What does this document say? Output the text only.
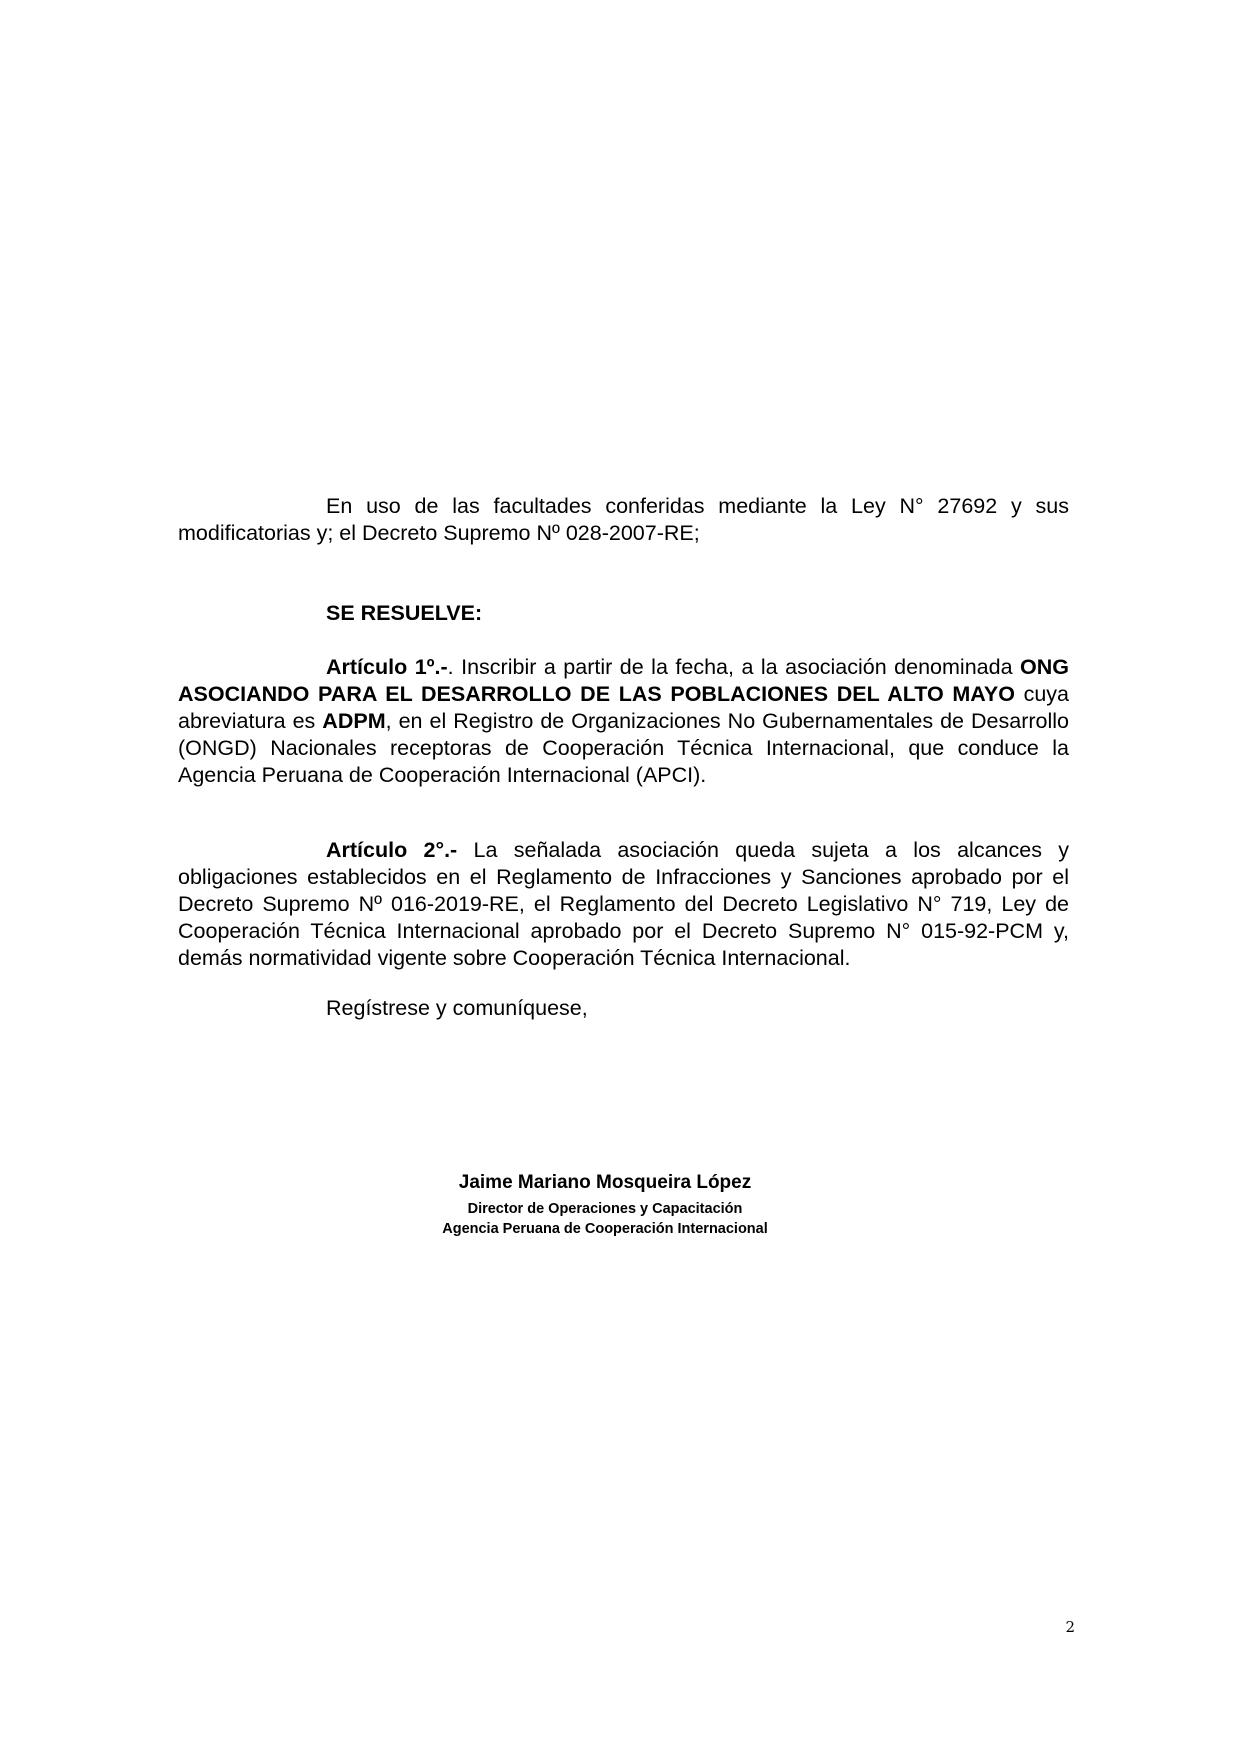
En uso de las facultades conferidas mediante la Ley N° 27692 y sus modificatorias y; el Decreto Supremo Nº 028-2007-RE;

SE RESUELVE:

Artículo 1º.-. Inscribir a partir de la fecha, a la asociación denominada ONG ASOCIANDO PARA EL DESARROLLO DE LAS POBLACIONES DEL ALTO MAYO cuya abreviatura es ADPM, en el Registro de Organizaciones No Gubernamentales de Desarrollo (ONGD) Nacionales receptoras de Cooperación Técnica Internacional, que conduce la Agencia Peruana de Cooperación Internacional (APCI).

Artículo 2°.- La señalada asociación queda sujeta a los alcances y obligaciones establecidos en el Reglamento de Infracciones y Sanciones aprobado por el Decreto Supremo Nº 016-2019-RE, el Reglamento del Decreto Legislativo N° 719, Ley de Cooperación Técnica Internacional aprobado por el Decreto Supremo N° 015-92-PCM y, demás normatividad vigente sobre Cooperación Técnica Internacional.

Regístrese y comuníquese,

Jaime Mariano Mosqueira López
Director de Operaciones y Capacitación
Agencia Peruana de Cooperación Internacional
2
